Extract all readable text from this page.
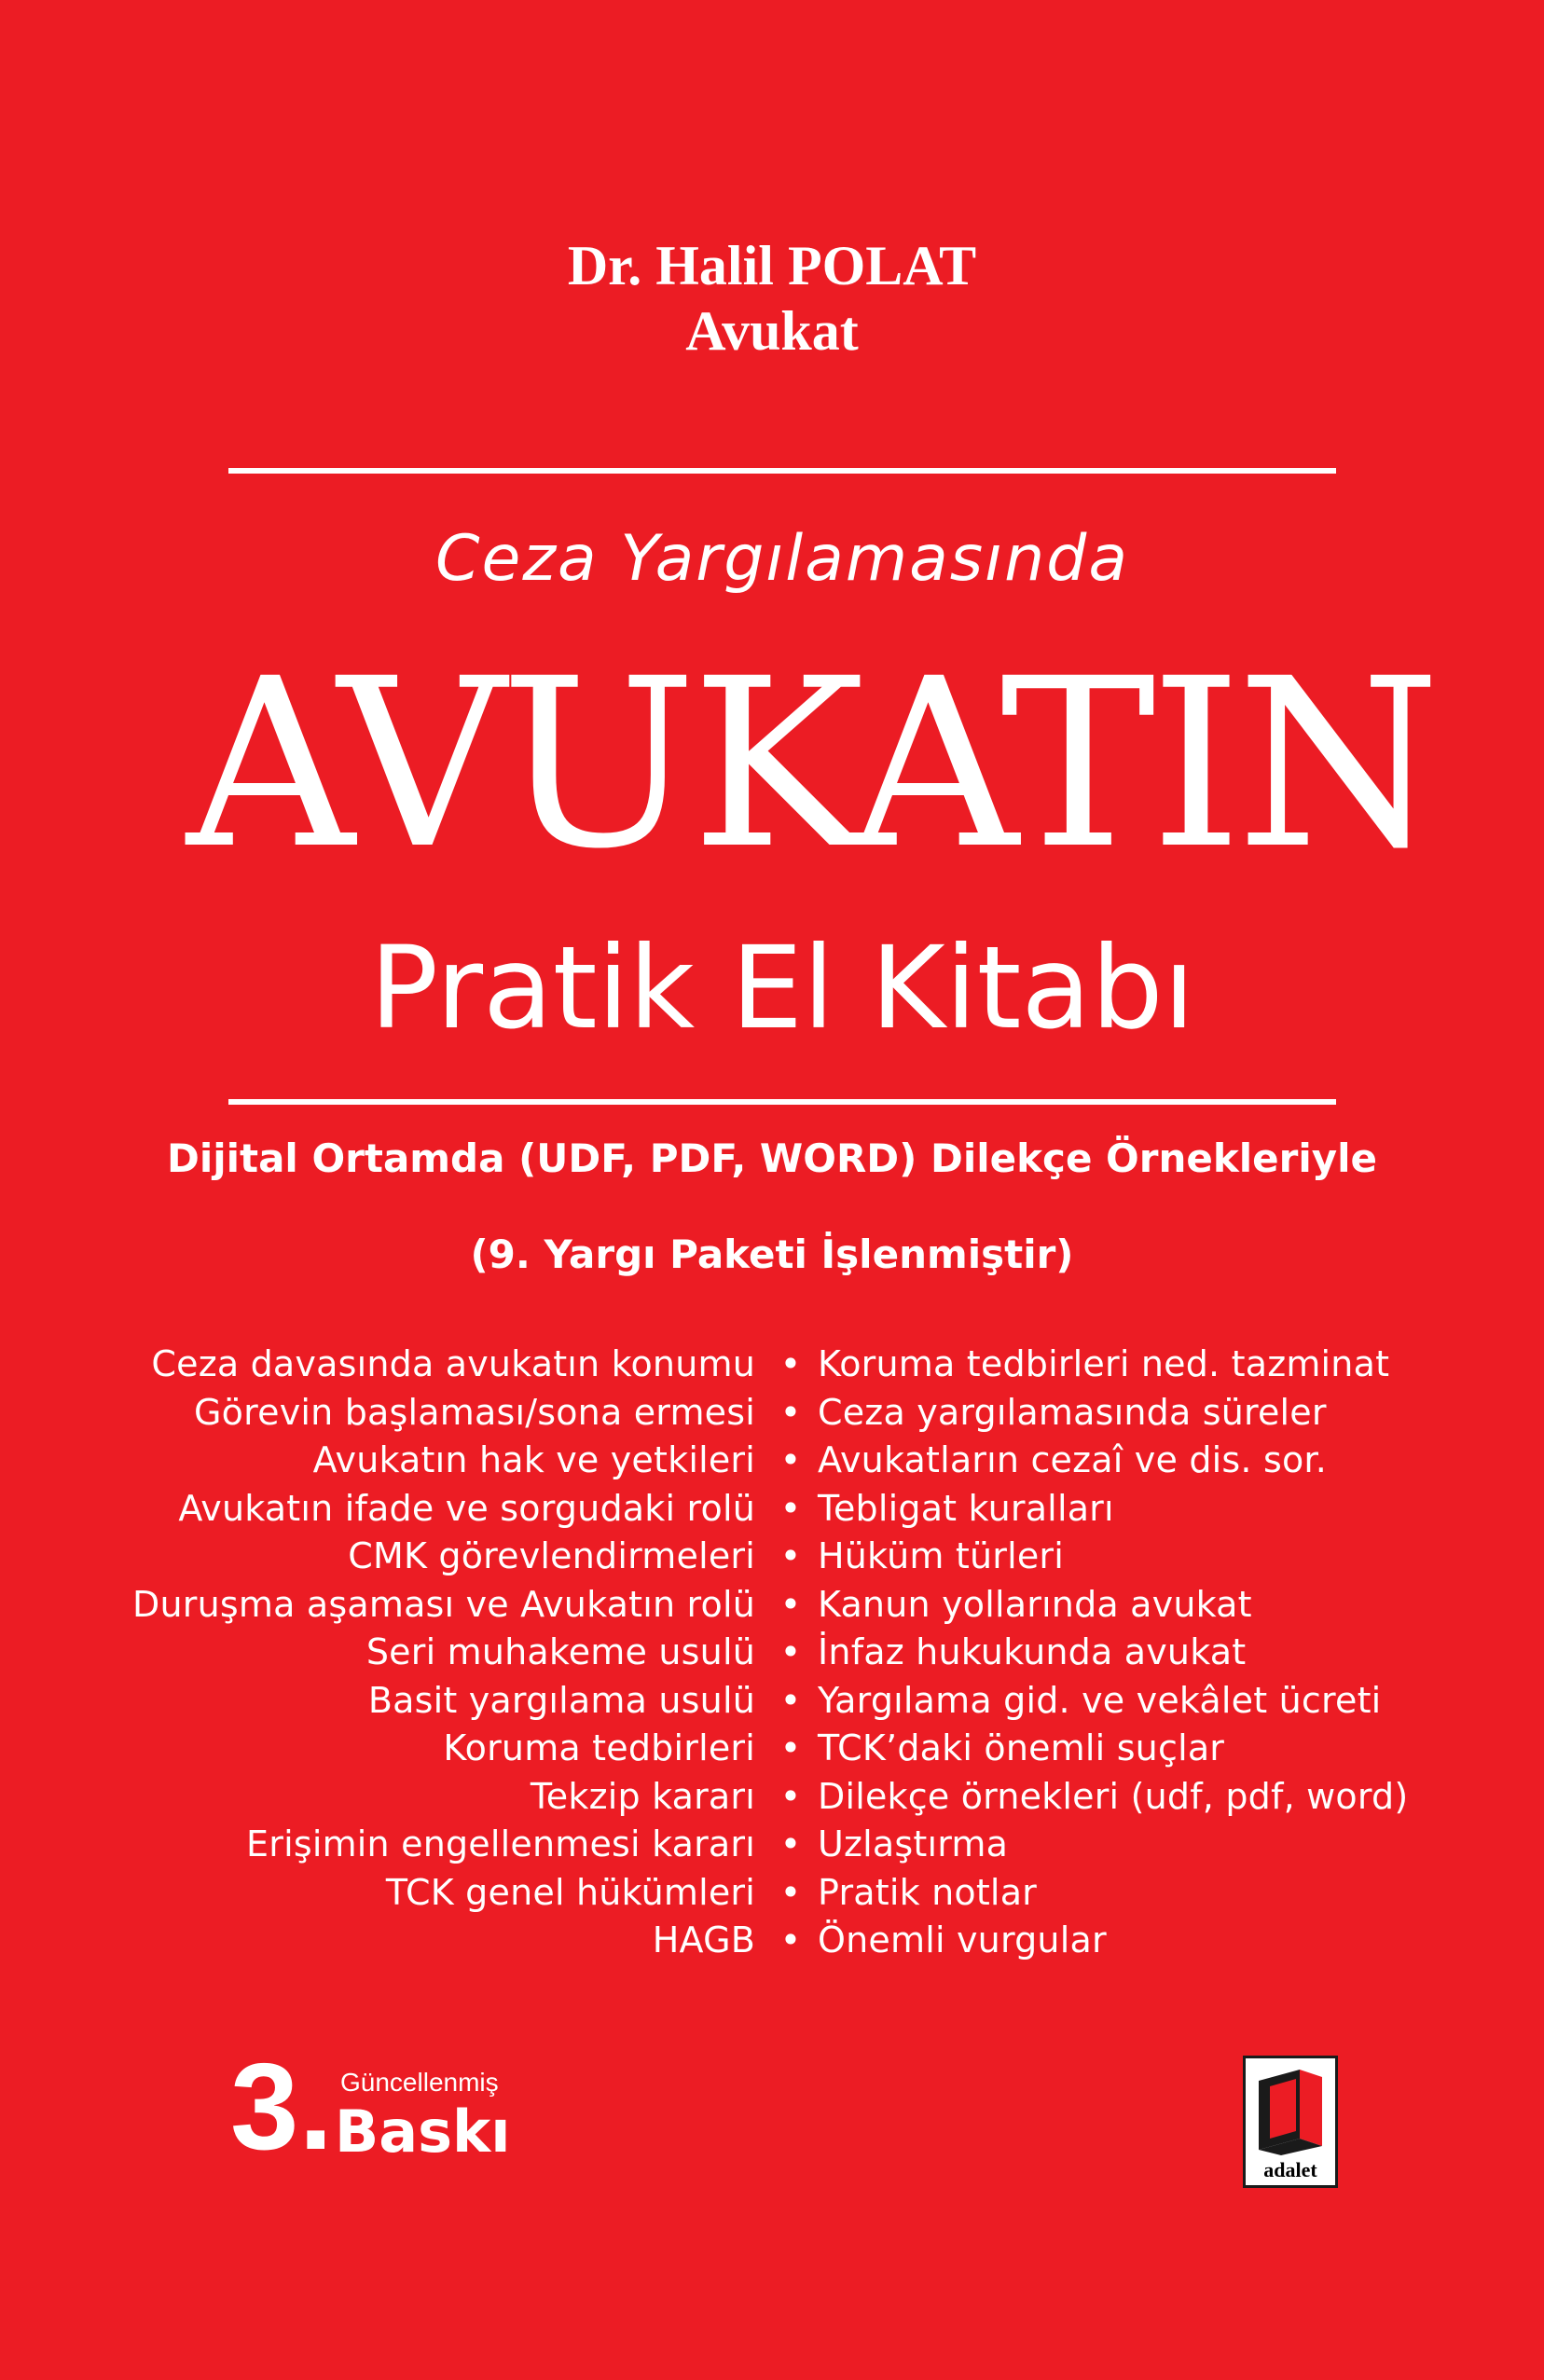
Dr. Halil POLAT
Avukat
Ceza Yargılamasında
AVUKATIN
Pratik El Kitabı
Dijital Ortamda (UDF, PDF, WORD) Dilekçe Örnekleriyle
(9. Yargı Paketi İşlenmiştir)
Ceza davasında avukatın konumu
Görevin başlaması/sona ermesi
Avukatın hak ve yetkileri
Avukatın ifade ve sorgudaki rolü
CMK görevlendirmeleri
Duruşma aşaması ve Avukatın rolü
Seri muhakeme usulü
Basit yargılama usulü
Koruma tedbirleri
Tekzip kararı
Erişimin engellenmesi kararı
TCK genel hükümleri
HAGB
•
•
•
•
•
•
•
•
•
•
•
•
•
Koruma tedbirleri ned. tazminat
Ceza yargılamasında süreler
Avukatların cezaî ve dis. sor.
Tebligat kuralları
Hüküm türleri
Kanun yollarında avukat
İnfaz hukukunda avukat
Yargılama gid. ve vekâlet ücreti
TCK’daki önemli suçlar
Dilekçe örnekleri (udf, pdf, word)
Uzlaştırma
Pratik notlar
Önemli vurgular
3. Güncellenmiş
Baskı
adalet
